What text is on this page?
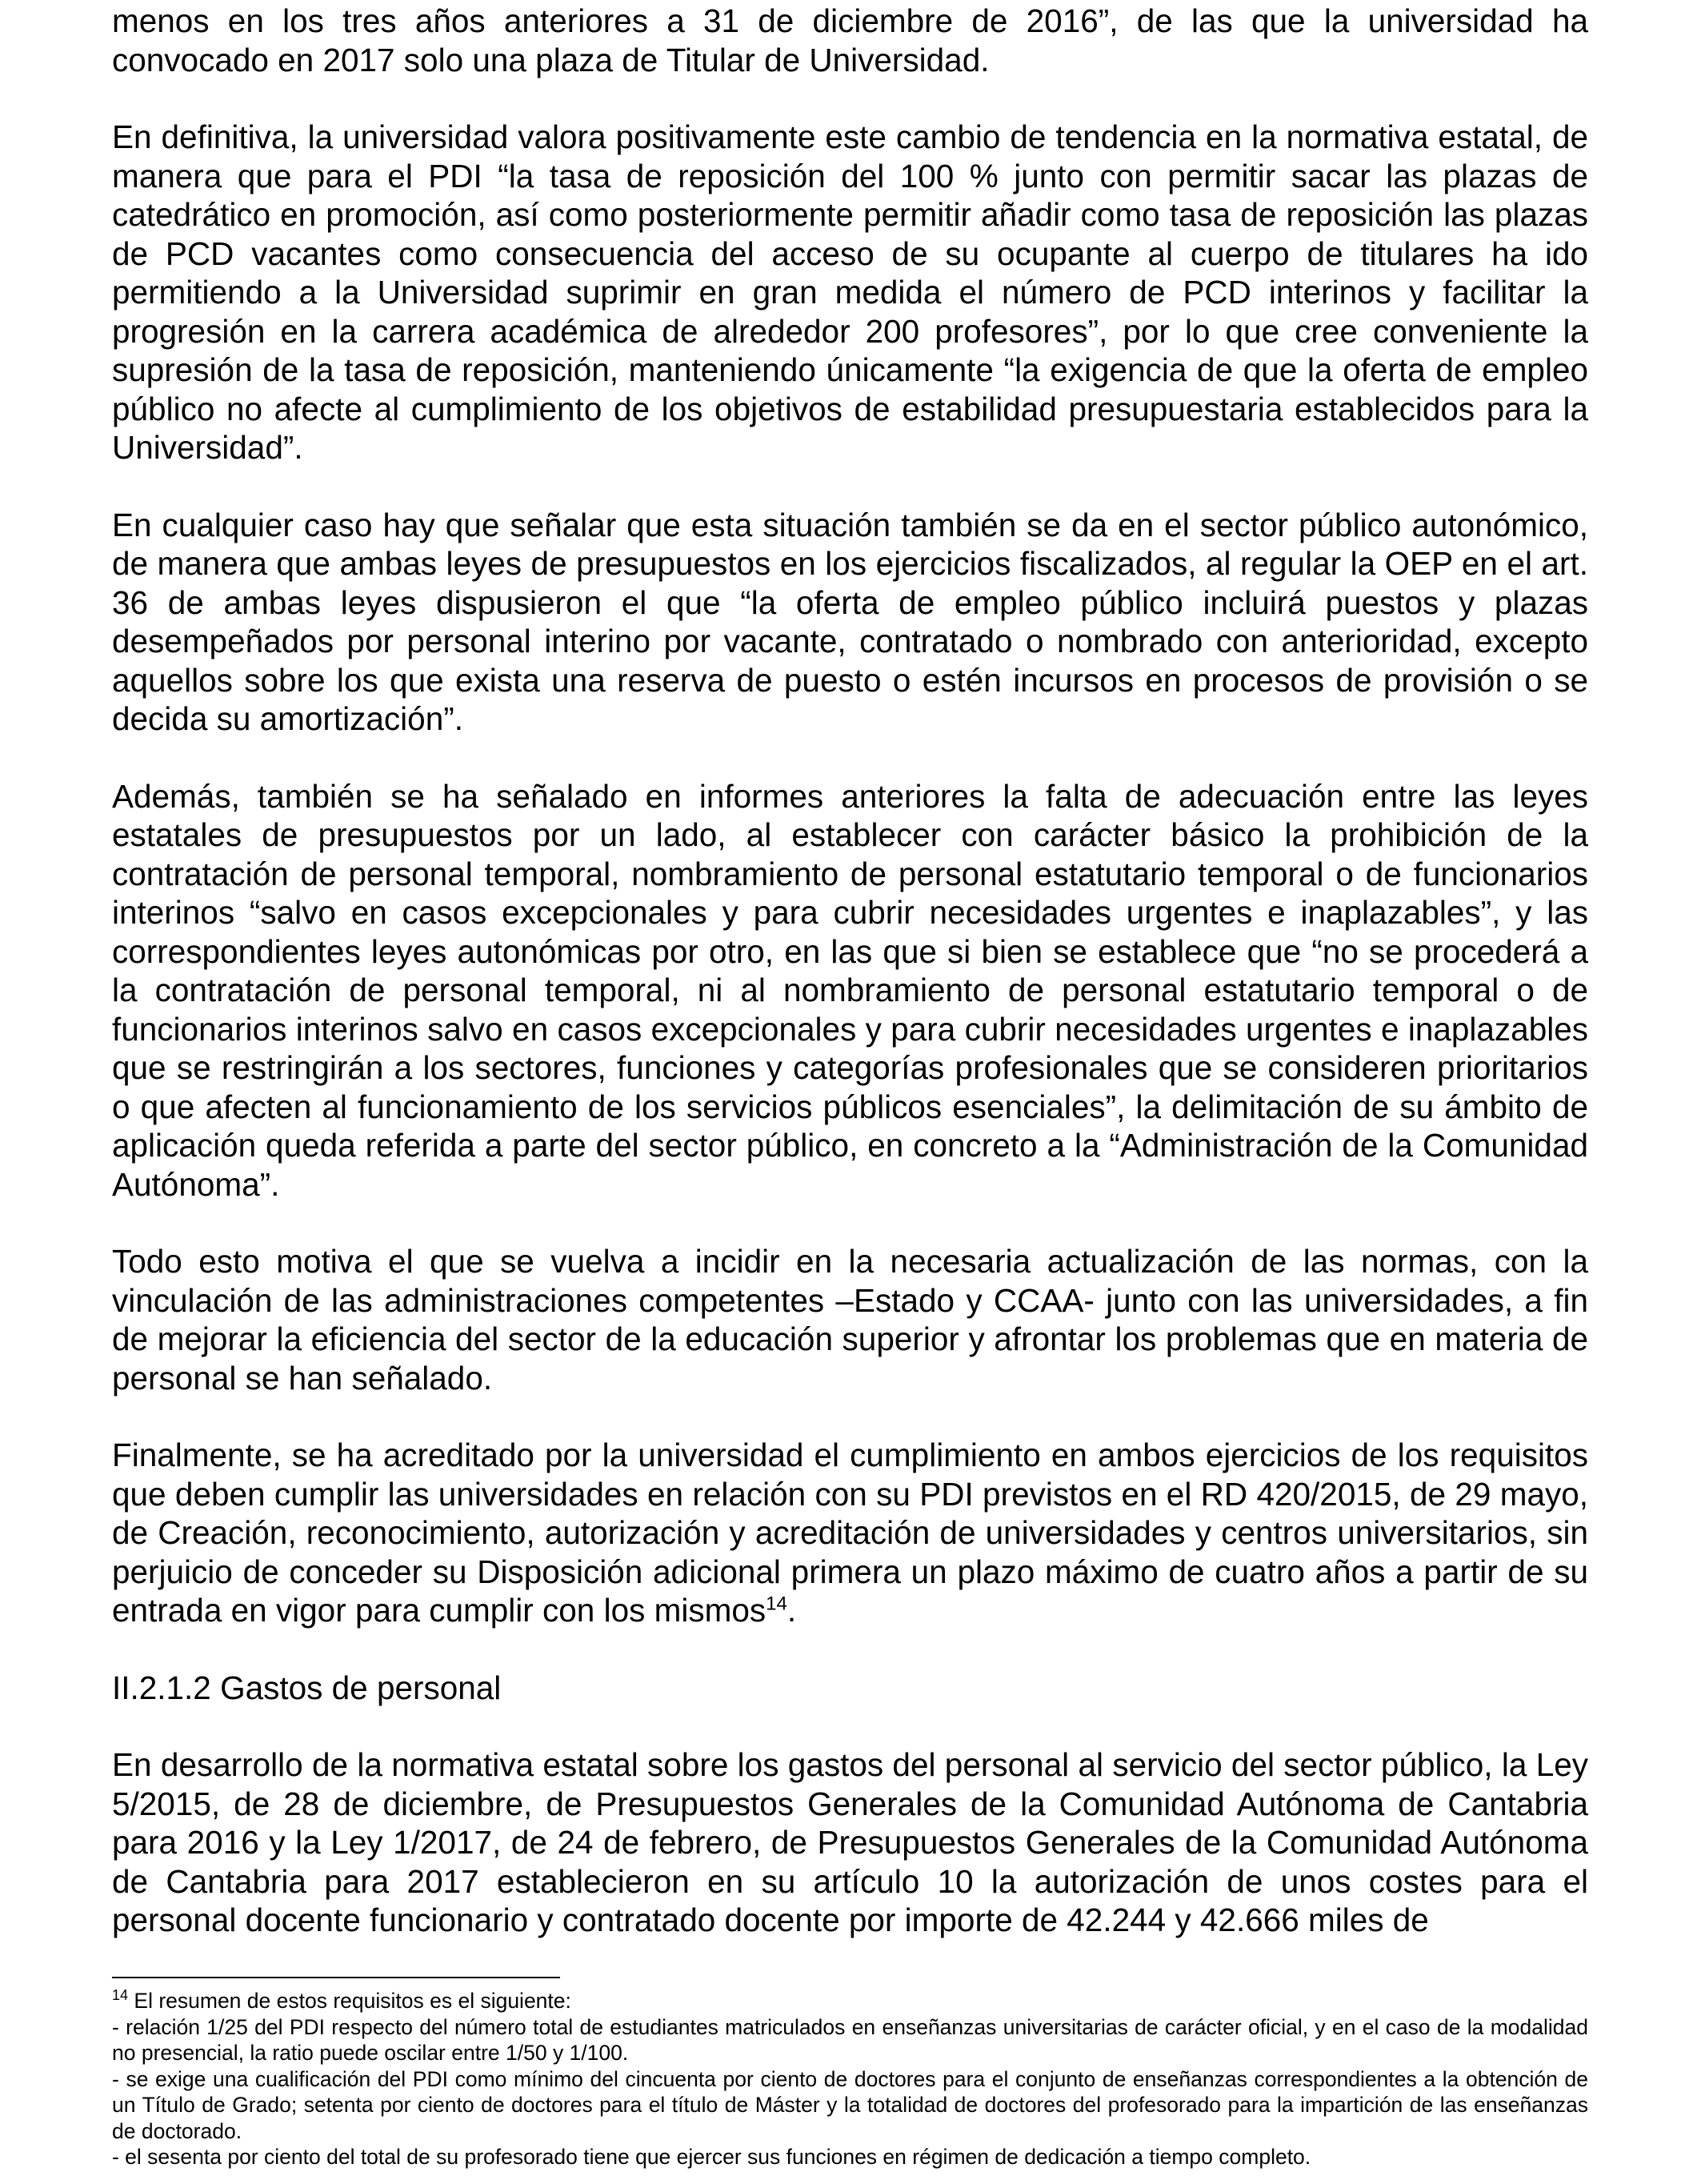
menos en los tres años anteriores a 31 de diciembre de 2016”, de las que la universidad ha convocado en 2017 solo una plaza de Titular de Universidad.

En definitiva, la universidad valora positivamente este cambio de tendencia en la normativa estatal, de manera que para el PDI “la tasa de reposición del 100 % junto con permitir sacar las plazas de catedrático en promoción, así como posteriormente permitir añadir como tasa de reposición las plazas de PCD vacantes como consecuencia del acceso de su ocupante al cuerpo de titulares ha ido permitiendo a la Universidad suprimir en gran medida el número de PCD interinos y facilitar la progresión en la carrera académica de alrededor 200 profesores”, por lo que cree conveniente la supresión de la tasa de reposición, manteniendo únicamente “la exigencia de que la oferta de empleo público no afecte al cumplimiento de los objetivos de estabilidad presupuestaria establecidos para la Universidad”.

En cualquier caso hay que señalar que esta situación también se da en el sector público autonómico, de manera que ambas leyes de presupuestos en los ejercicios fiscalizados, al regular la OEP en el art. 36 de ambas leyes dispusieron el que “la oferta de empleo público incluirá puestos y plazas desempeñados por personal interino por vacante, contratado o nombrado con anterioridad, excepto aquellos sobre los que exista una reserva de puesto o estén incursos en procesos de provisión o se decida su amortización”.

Además, también se ha señalado en informes anteriores la falta de adecuación entre las leyes estatales de presupuestos por un lado, al establecer con carácter básico la prohibición de la contratación de personal temporal, nombramiento de personal estatutario temporal o de funcionarios interinos “salvo en casos excepcionales y para cubrir necesidades urgentes e inaplazables”, y las correspondientes leyes autonómicas por otro, en las que si bien se establece que “no se procederá a la contratación de personal temporal, ni al nombramiento de personal estatutario temporal o de funcionarios interinos salvo en casos excepcionales y para cubrir necesidades urgentes e inaplazables que se restringirán a los sectores, funciones y categorías profesionales que se consideren prioritarios o que afecten al funcionamiento de los servicios públicos esenciales”, la delimitación de su ámbito de aplicación queda referida a parte del sector público, en concreto a la “Administración de la Comunidad Autónoma”.

Todo esto motiva el que se vuelva a incidir en la necesaria actualización de las normas, con la vinculación de las administraciones competentes –Estado y CCAA- junto con las universidades, a fin de mejorar la eficiencia del sector de la educación superior y afrontar los problemas que en materia de personal se han señalado.

Finalmente, se ha acreditado por la universidad el cumplimiento en ambos ejercicios de los requisitos que deben cumplir las universidades en relación con su PDI previstos en el RD 420/2015, de 29 mayo, de Creación, reconocimiento, autorización y acreditación de universidades y centros universitarios, sin perjuicio de conceder su Disposición adicional primera un plazo máximo de cuatro años a partir de su entrada en vigor para cumplir con los mismos$^{14}$.

II.2.1.2 Gastos de personal

En desarrollo de la normativa estatal sobre los gastos del personal al servicio del sector público, la Ley 5/2015, de 28 de diciembre, de Presupuestos Generales de la Comunidad Autónoma de Cantabria para 2016 y la Ley 1/2017, de 24 de febrero, de Presupuestos Generales de la Comunidad Autónoma de Cantabria para 2017 establecieron en su artículo 10 la autorización de unos costes para el personal docente funcionario y contratado docente por importe de 42.244 y 42.666 miles de

$^{14}$ El resumen de estos requisitos es el siguiente:

- relación 1/25 del PDI respecto del número total de estudiantes matriculados en enseñanzas universitarias de carácter oficial, y en el caso de la modalidad no presencial, la ratio puede oscilar entre 1/50 y 1/100.

- se exige una cualificación del PDI como mínimo del cincuenta por ciento de doctores para el conjunto de enseñanzas correspondientes a la obtención de un Título de Grado; setenta por ciento de doctores para el título de Máster y la totalidad de doctores del profesorado para la impartición de las enseñanzas de doctorado.

- el sesenta por ciento del total de su profesorado tiene que ejercer sus funciones en régimen de dedicación a tiempo completo.
